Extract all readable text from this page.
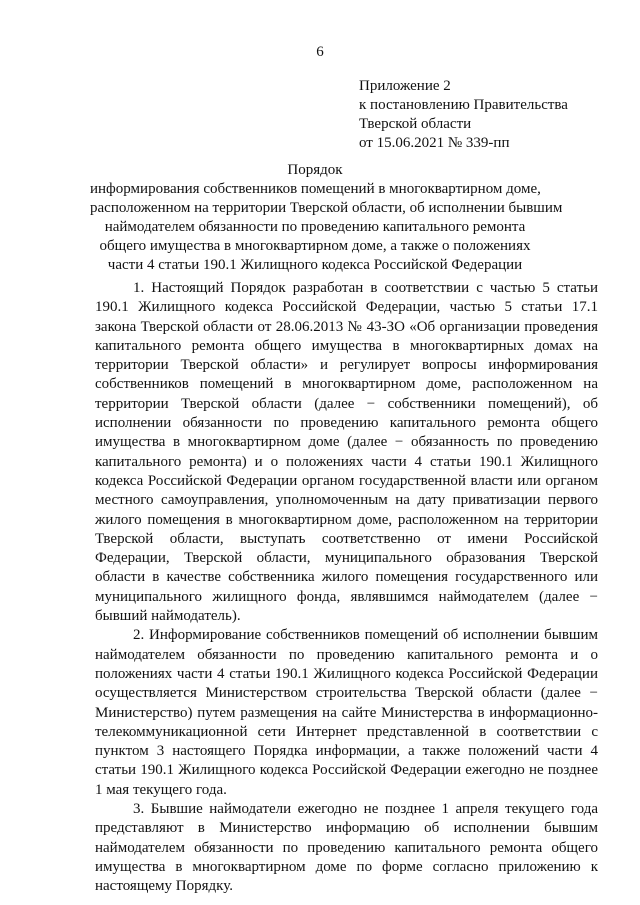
6
Приложение 2
к постановлению Правительства
Тверской области
от 15.06.2021 № 339-пп
Порядок
информирования собственников помещений в многоквартирном доме,
расположенном на территории Тверской области, об исполнении бывшим
наймодателем обязанности по проведению капитального ремонта
общего имущества в многоквартирном доме, а также о положениях
части 4 статьи 190.1 Жилищного кодекса Российской Федерации

1. Настоящий Порядок разработан в соответствии с частью 5 статьи 190.1 Жилищного кодекса Российской Федерации, частью 5 статьи 17.1 закона Тверской области от 28.06.2013 № 43-ЗО «Об организации проведения капитального ремонта общего имущества в многоквартирных домах на территории Тверской области» и регулирует вопросы информирования собственников помещений в многоквартирном доме, расположенном на территории Тверской области (далее − собственники помещений), об исполнении обязанности по проведению капитального ремонта общего имущества в многоквартирном доме (далее − обязанность по проведению капитального ремонта) и о положениях части 4 статьи 190.1 Жилищного кодекса Российской Федерации органом государственной власти или органом местного самоуправления, уполномоченным на дату приватизации первого жилого помещения в многоквартирном доме, расположенном на территории Тверской области, выступать соответственно от имени Российской Федерации, Тверской области, муниципального образования Тверской области в качестве собственника жилого помещения государственного или муниципального жилищного фонда, являвшимся наймодателем (далее − бывший наймодатель).

2. Информирование собственников помещений об исполнении бывшим наймодателем обязанности по проведению капитального ремонта и о положениях части 4 статьи 190.1 Жилищного кодекса Российской Федерации осуществляется Министерством строительства Тверской области (далее − Министерство) путем размещения на сайте Министерства в информационно-телекоммуникационной сети Интернет представленной в соответствии с пунктом 3 настоящего Порядка информации, а также положений части 4 статьи 190.1 Жилищного кодекса Российской Федерации ежегодно не позднее 1 мая текущего года.

3. Бывшие наймодатели ежегодно не позднее 1 апреля текущего года представляют в Министерство информацию об исполнении бывшим наймодателем обязанности по проведению капитального ремонта общего имущества в многоквартирном доме по форме согласно приложению к настоящему Порядку.
